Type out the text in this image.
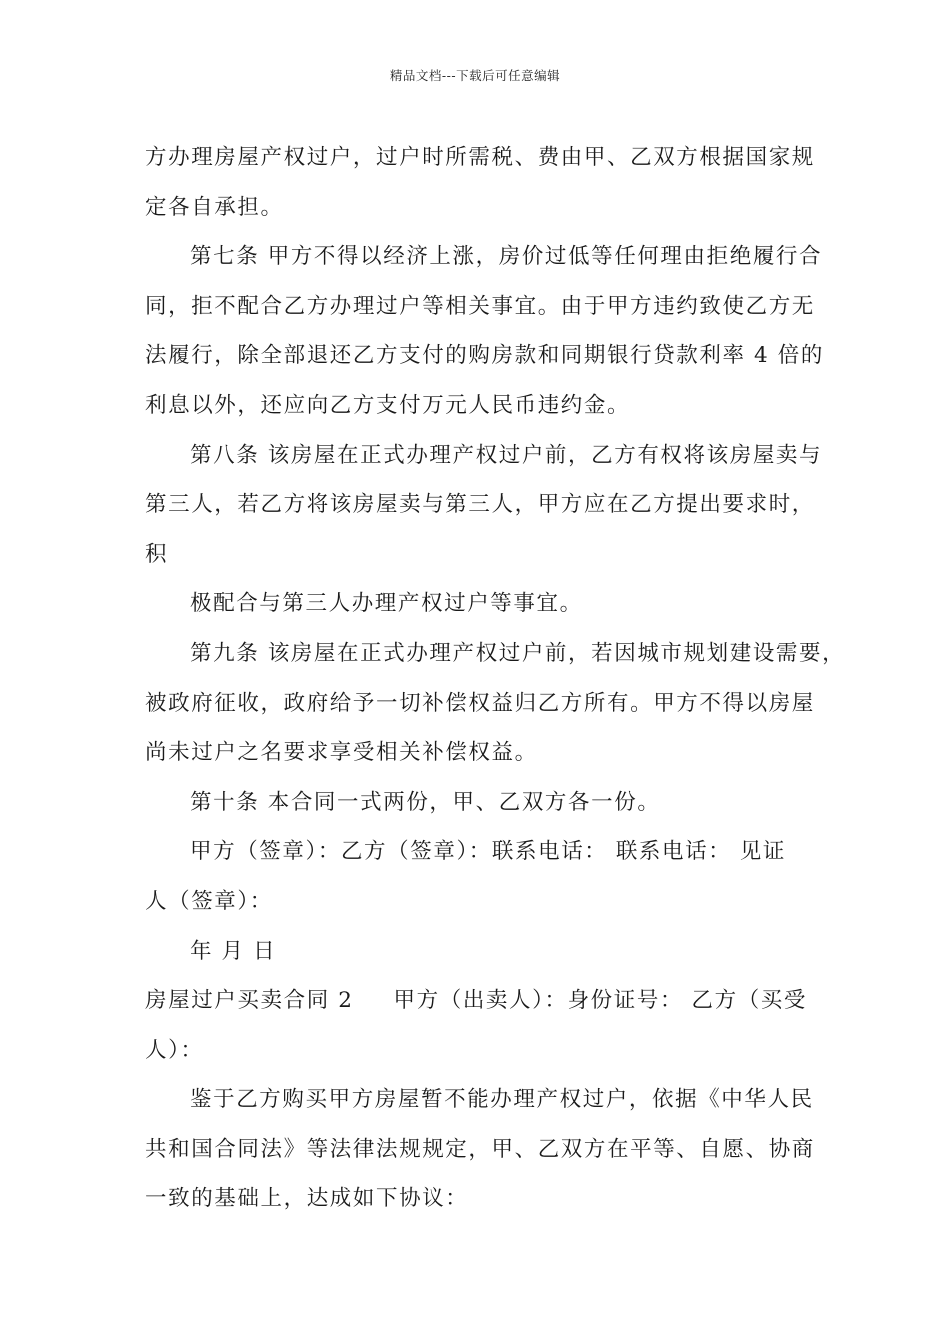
精品文档---下载后可任意编辑
方办理房屋产权过户，过户时所需税、费由甲、乙双方根据国家规
定各自承担。
第七条 甲方不得以经济上涨，房价过低等任何理由拒绝履行合
同，拒不配合乙方办理过户等相关事宜。由于甲方违约致使乙方无
法履行，除全部退还乙方支付的购房款和同期银行贷款利率 4 倍的
利息以外，还应向乙方支付万元人民币违约金。
第八条 该房屋在正式办理产权过户前，乙方有权将该房屋卖与
第三人，若乙方将该房屋卖与第三人，甲方应在乙方提出要求时，
积
极配合与第三人办理产权过户等事宜。
第九条 该房屋在正式办理产权过户前，若因城市规划建设需要，
被政府征收，政府给予一切补偿权益归乙方所有。甲方不得以房屋
尚未过户之名要求享受相关补偿权益。
第十条 本合同一式两份，甲、乙双方各一份。
甲方（签章）：乙方（签章）：联系电话： 联系电话： 见证
人（签章）：
年 月 日
房屋过户买卖合同 2 甲方（出卖人）：身份证号： 乙方（买受
人）：
鉴于乙方购买甲方房屋暂不能办理产权过户，依据《中华人民
共和国合同法》等法律法规规定，甲、乙双方在平等、自愿、协商
一致的基础上，达成如下协议：
